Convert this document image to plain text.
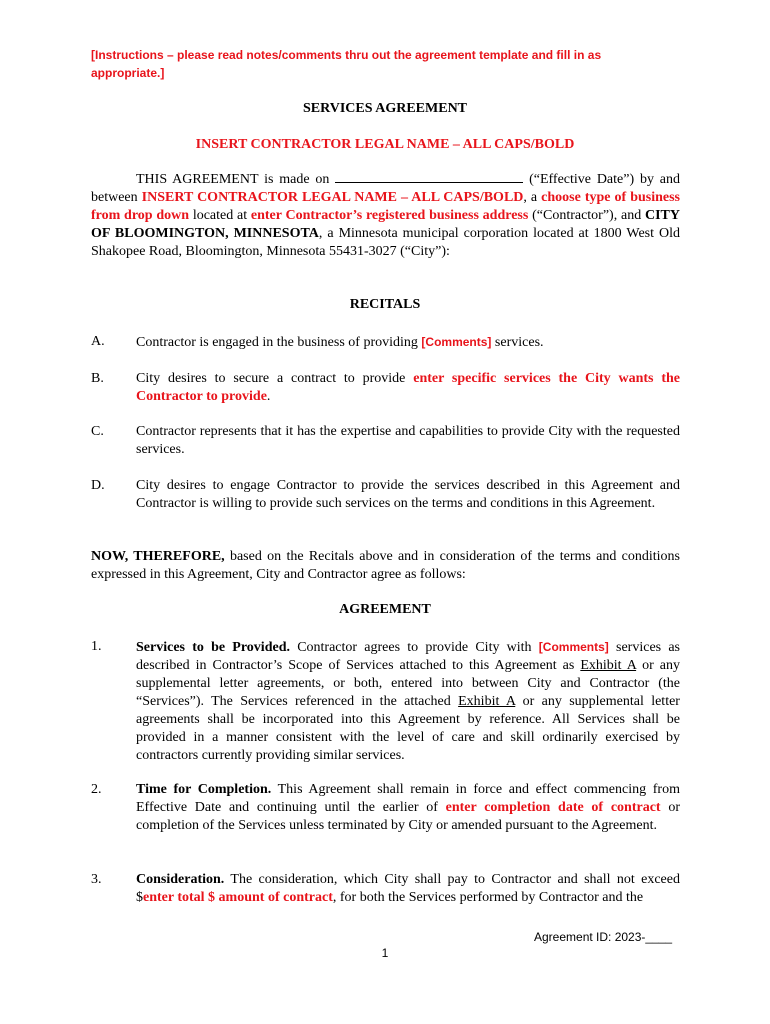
[Instructions – please read notes/comments thru out the agreement template and fill in as appropriate.]
SERVICES AGREEMENT
INSERT CONTRACTOR LEGAL NAME – ALL CAPS/BOLD
THIS AGREEMENT is made on	(“Effective Date”) by and between INSERT CONTRACTOR LEGAL NAME – ALL CAPS/BOLD, a choose type of business from drop down located at enter Contractor’s registered business address (“Contractor”), and CITY OF BLOOMINGTON, MINNESOTA, a Minnesota municipal corporation located at 1800 West Old Shakopee Road, Bloomington, Minnesota 55431-3027 (“City”):
RECITALS
A. Contractor is engaged in the business of providing [Comments] services.
B. City desires to secure a contract to provide enter specific services the City wants the Contractor to provide.
C. Contractor represents that it has the expertise and capabilities to provide City with the requested services.
D. City desires to engage Contractor to provide the services described in this Agreement and Contractor is willing to provide such services on the terms and conditions in this Agreement.
NOW, THEREFORE, based on the Recitals above and in consideration of the terms and conditions expressed in this Agreement, City and Contractor agree as follows:
AGREEMENT
1. Services to be Provided. Contractor agrees to provide City with [Comments] services as described in Contractor’s Scope of Services attached to this Agreement as Exhibit A or any supplemental letter agreements, or both, entered into between City and Contractor (the “Services”). The Services referenced in the attached Exhibit A or any supplemental letter agreements shall be incorporated into this Agreement by reference. All Services shall be provided in a manner consistent with the level of care and skill ordinarily exercised by contractors currently providing similar services.
2. Time for Completion. This Agreement shall remain in force and effect commencing from Effective Date and continuing until the earlier of enter completion date of contract or completion of the Services unless terminated by City or amended pursuant to the Agreement.
3. Consideration. The consideration, which City shall pay to Contractor and shall not exceed $enter total $ amount of contract, for both the Services performed by Contractor and the
Agreement ID: 2023-____
1
